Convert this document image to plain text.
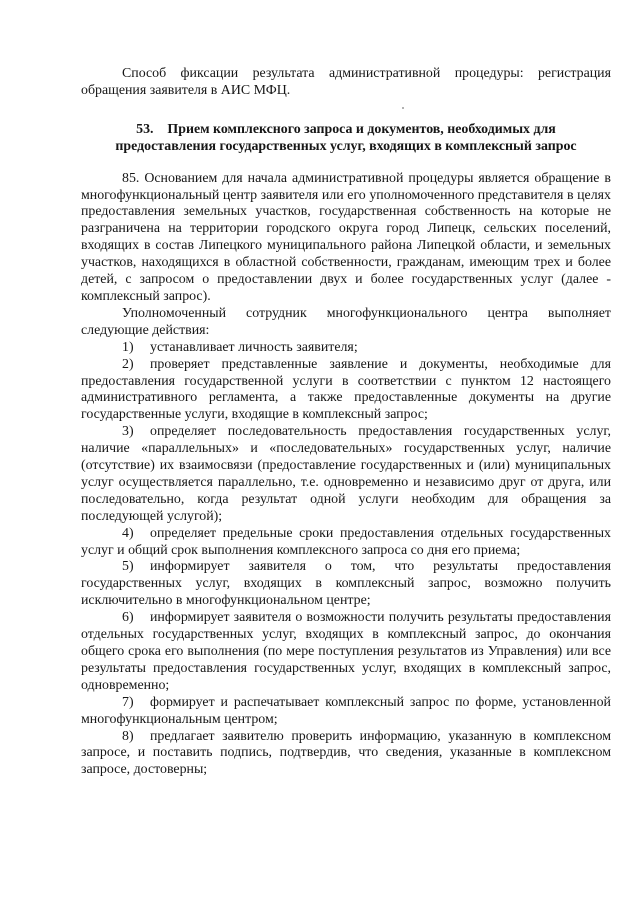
Способ фиксации результата административной процедуры: регистрация обращения заявителя в АИС МФЦ.

53. Прием комплексного запроса и документов, необходимых для предоставления государственных услуг, входящих в комплексный запрос

85. Основанием для начала административной процедуры является обращение в многофункциональный центр заявителя или его уполномоченного представителя в целях предоставления земельных участков, государственная собственность на которые не разграничена на территории городского округа город Липецк, сельских поселений, входящих в состав Липецкого муниципального района Липецкой области, и земельных участков, находящихся в областной собственности, гражданам, имеющим трех и более детей, с запросом о предоставлении двух и более государственных услуг (далее - комплексный запрос).

Уполномоченный сотрудник многофункционального центра выполняет следующие действия:

1) устанавливает личность заявителя;

2) проверяет представленные заявление и документы, необходимые для предоставления государственной услуги в соответствии с пунктом 12 настоящего административного регламента, а также предоставленные документы на другие государственные услуги, входящие в комплексный запрос;

3) определяет последовательность предоставления государственных услуг, наличие «параллельных» и «последовательных» государственных услуг, наличие (отсутствие) их взаимосвязи (предоставление государственных и (или) муниципальных услуг осуществляется параллельно, т.е. одновременно и независимо друг от друга, или последовательно, когда результат одной услуги необходим для обращения за последующей услугой);

4) определяет предельные сроки предоставления отдельных государственных услуг и общий срок выполнения комплексного запроса со дня его приема;

5) информирует заявителя о том, что результаты предоставления государственных услуг, входящих в комплексный запрос, возможно получить исключительно в многофункциональном центре;

6) информирует заявителя о возможности получить результаты предоставления отдельных государственных услуг, входящих в комплексный запрос, до окончания общего срока его выполнения (по мере поступления результатов из Управления) или все результаты предоставления государственных услуг, входящих в комплексный запрос, одновременно;

7) формирует и распечатывает комплексный запрос по форме, установленной многофункциональным центром;

8) предлагает заявителю проверить информацию, указанную в комплексном запросе, и поставить подпись, подтвердив, что сведения, указанные в комплексном запросе, достоверны;
